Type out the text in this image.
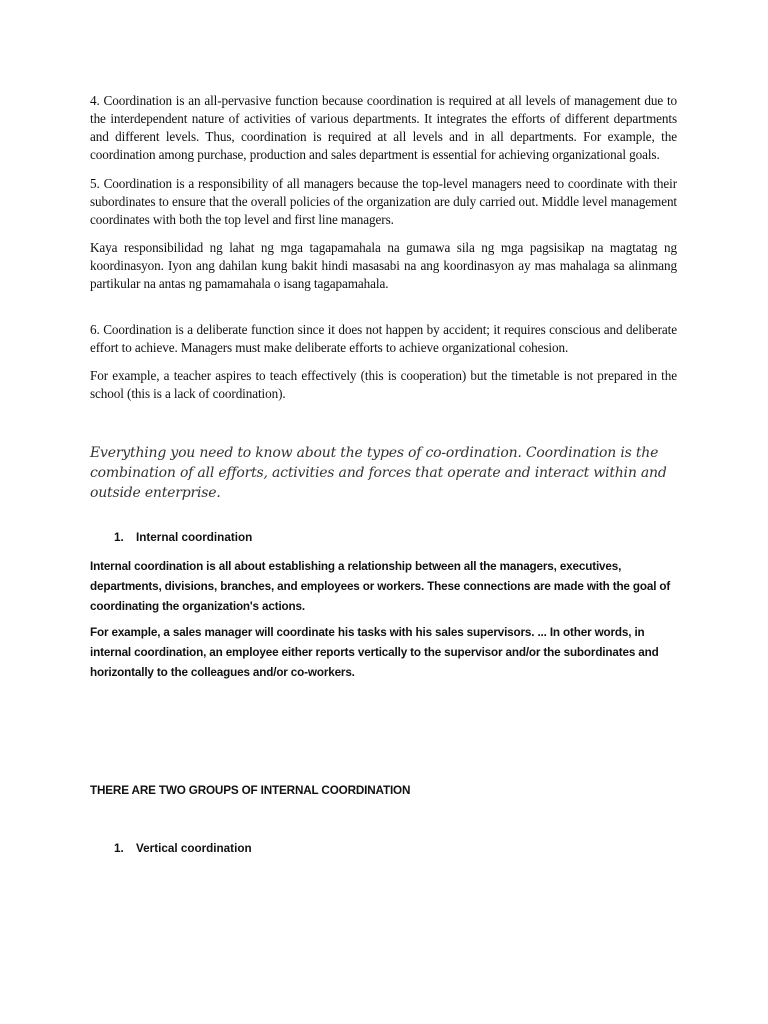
4. Coordination is an all-pervasive function because coordination is required at all levels of management due to the interdependent nature of activities of various departments. It integrates the efforts of different departments and different levels. Thus, coordination is required at all levels and in all departments. For example, the coordination among purchase, production and sales department is essential for achieving organizational goals.

5. Coordination is a responsibility of all managers because the top-level managers need to coordinate with their subordinates to ensure that the overall policies of the organization are duly carried out. Middle level management coordinates with both the top level and first line managers.

Kaya responsibilidad ng lahat ng mga tagapamahala na gumawa sila ng mga pagsisikap na magtatag ng koordinasyon. Iyon ang dahilan kung bakit hindi masasabi na ang koordinasyon ay mas mahalaga sa alinmang partikular na antas ng pamamahala o isang tagapamahala.

6. Coordination is a deliberate function since it does not happen by accident; it requires conscious and deliberate effort to achieve. Managers must make deliberate efforts to achieve organizational cohesion.

For example, a teacher aspires to teach effectively (this is cooperation) but the timetable is not prepared in the school (this is a lack of coordination).

Everything you need to know about the types of co-ordination. Coordination is the combination of all efforts, activities and forces that operate and interact within and outside enterprise.

1.	Internal coordination

Internal coordination is all about establishing a relationship between all the managers, executives, departments, divisions, branches, and employees or workers. These connections are made with the goal of coordinating the organization's actions.

For example, a sales manager will coordinate his tasks with his sales supervisors. ... In other words, in internal coordination, an employee either reports vertically to the supervisor and/or the subordinates and horizontally to the colleagues and/or co-workers.

THERE ARE TWO GROUPS OF INTERNAL COORDINATION

1.	Vertical coordination
